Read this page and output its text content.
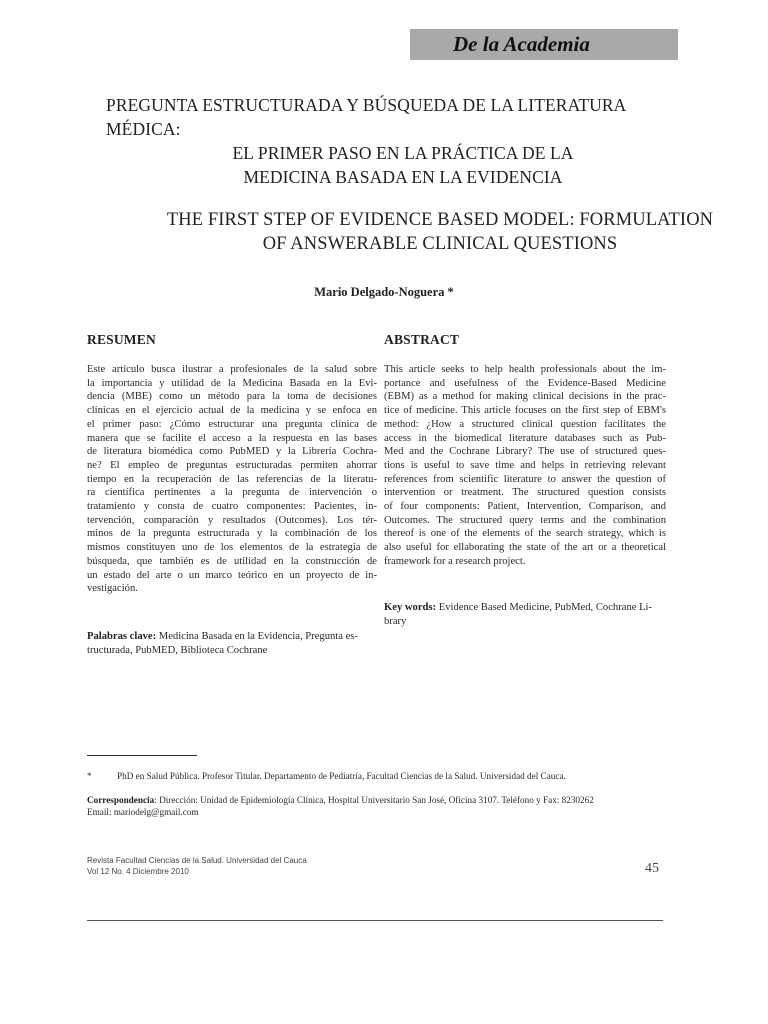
De la Academia
PREGUNTA ESTRUCTURADA Y BÚSQUEDA DE LA LITERATURA
MÉDICA:
EL PRIMER PASO EN LA PRÁCTICA DE LA
MEDICINA BASADA EN LA EVIDENCIA
THE FIRST STEP OF EVIDENCE BASED MODEL: FORMULATION
OF ANSWERABLE CLINICAL QUESTIONS
Mario Delgado-Noguera *
RESUMEN	ABSTRACT
Este artículo busca ilustrar a profesionales de la salud sobre
la importancia y utilidad de la Medicina Basada en la Evi-
dencia (MBE) como un método para la toma de decisiones
clínicas en el ejercicio actual de la medicina y se enfoca en
el primer paso: ¿Cómo estructurar una pregunta clínica de
manera que se facilite el acceso a la respuesta en las bases
de literatura biomédica como PubMED y la Librería Cochra-
ne? El empleo de preguntas estructuradas permiten ahorrar
tiempo en la recuperación de las referencias de la literatu-
ra científica pertinentes a la pregunta de intervención o
tratamiento y consta de cuatro componentes: Pacientes, in-
tervención, comparación y resultados (Outcomes). Los tér-
minos de la pregunta estructurada y la combinación de los
mismos constituyen uno de los elementos de la estrategia de
búsqueda, que también es de utilidad en la construcción de
un estado del arte o un marco teórico en un proyecto de in-
vestigación.
Palabras clave: Medicina Basada en la Evidencia, Pregunta es-
tructurada, PubMED, Biblioteca Cochrane
This article seeks to help health professionals about the im-
portance and usefulness of the Evidence-Based Medicine
(EBM) as a method for making clinical decisions in the prac-
tice of medicine. This article focuses on the first step of EBM's
method: ¿How a structured clinical question facilitates the
access in the biomedical literature databases such as Pub-
Med and the Cochrane Library? The use of structured ques-
tions is useful to save time and helps in retrieving relevant
references from scientific literature to answer the question of
intervention or treatment. The structured question consists
of four components: Patient, Intervention, Comparison, and
Outcomes. The structured query terms and the combination
thereof is one of the elements of the search strategy, which is
also useful for ellaborating the state of the art or a theoretical
framework for a research project.
Key words: Evidence Based Medicine, PubMed, Cochrane Li-
brary
*	PhD en Salud Pública. Profesor Titular. Departamento de Pediatría, Facultad Ciencias de la Salud. Universidad del Cauca.
Correspondencia: Dirección: Unidad de Epidemiología Clínica, Hospital Universitario San José, Oficina 3107. Teléfono y Fax: 8230262
Email: mariodelg@gmail.com
Revista Facultad Ciencias de la Salud. Universidad del Cauca
Vol 12 No. 4 Diciembre 2010	45
